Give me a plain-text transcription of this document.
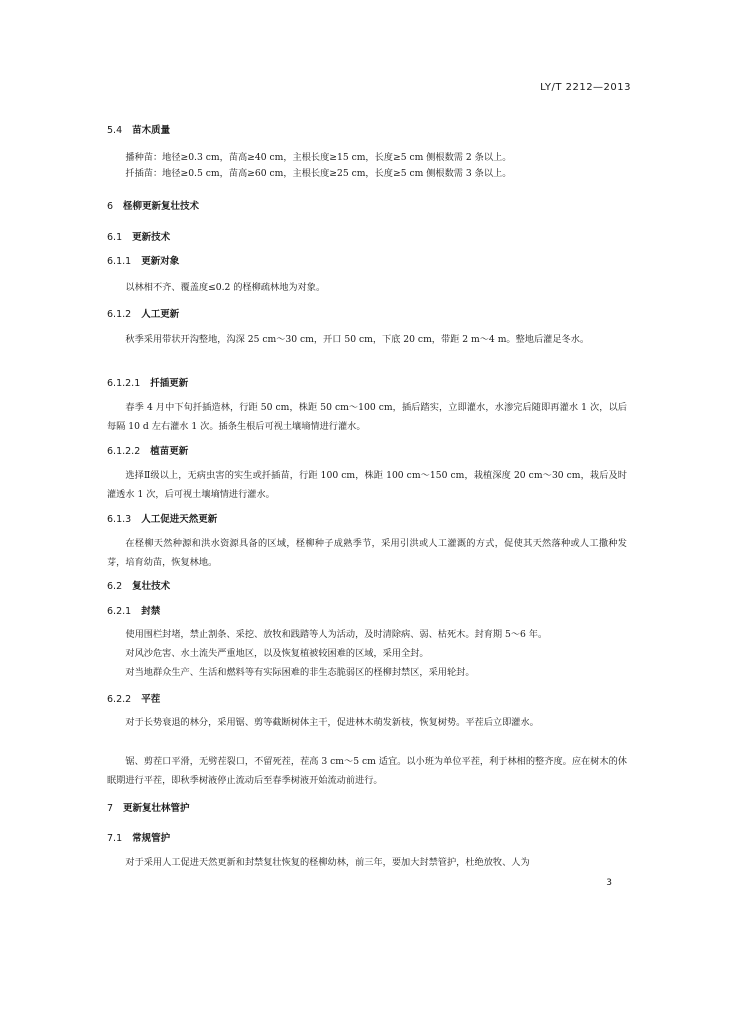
LY/T 2212—2013
5.4 苗木质量
播种苗：地径≥0.3 cm，苗高≥40 cm，主根长度≥15 cm，长度≥5 cm 侧根数需 2 条以上。
扦插苗：地径≥0.5 cm，苗高≥60 cm，主根长度≥25 cm，长度≥5 cm 侧根数需 3 条以上。
6 柽柳更新复壮技术
6.1 更新技术
6.1.1 更新对象
以林相不齐、覆盖度≤0.2 的柽柳疏林地为对象。
6.1.2 人工更新
秋季采用带状开沟整地，沟深 25 cm～30 cm，开口 50 cm，下底 20 cm，带距 2 m～4 m。整地后灌足冬水。
6.1.2.1 扦插更新
春季 4 月中下旬扦插造林，行距 50 cm，株距 50 cm～100 cm，插后踏实，立即灌水，水渗完后随即再灌水 1 次，以后每隔 10 d 左右灌水 1 次。插条生根后可视土壤墒情进行灌水。
6.1.2.2 植苗更新
选择Ⅱ级以上，无病虫害的实生或扦插苗，行距 100 cm，株距 100 cm～150 cm，栽植深度 20 cm～30 cm，栽后及时灌透水 1 次，后可视土壤墒情进行灌水。
6.1.3 人工促进天然更新
在柽柳天然种源和洪水资源具备的区域，柽柳种子成熟季节，采用引洪或人工灌溉的方式，促使其天然落种或人工撒种发芽，培育幼苗，恢复林地。
6.2 复壮技术
6.2.1 封禁
使用围栏封堵，禁止割条、采挖、放牧和践踏等人为活动，及时清除病、弱、枯死木。封育期 5～6 年。
对风沙危害、水土流失严重地区，以及恢复植被较困难的区域，采用全封。
对当地群众生产、生活和燃料等有实际困难的非生态脆弱区的柽柳封禁区，采用轮封。
6.2.2 平茬
对于长势衰退的林分，采用锯、剪等截断树体主干，促进林木萌发新枝，恢复树势。平茬后立即灌水。
锯、剪茬口平滑，无劈茬裂口，不留死茬，茬高 3 cm～5 cm 适宜。以小班为单位平茬，利于林相的整齐度。应在树木的休眠期进行平茬，即秋季树液停止流动后至春季树液开始流动前进行。
7 更新复壮林管护
7.1 常规管护
对于采用人工促进天然更新和封禁复壮恢复的柽柳幼林，前三年，要加大封禁管护，杜绝放牧、人为
3
